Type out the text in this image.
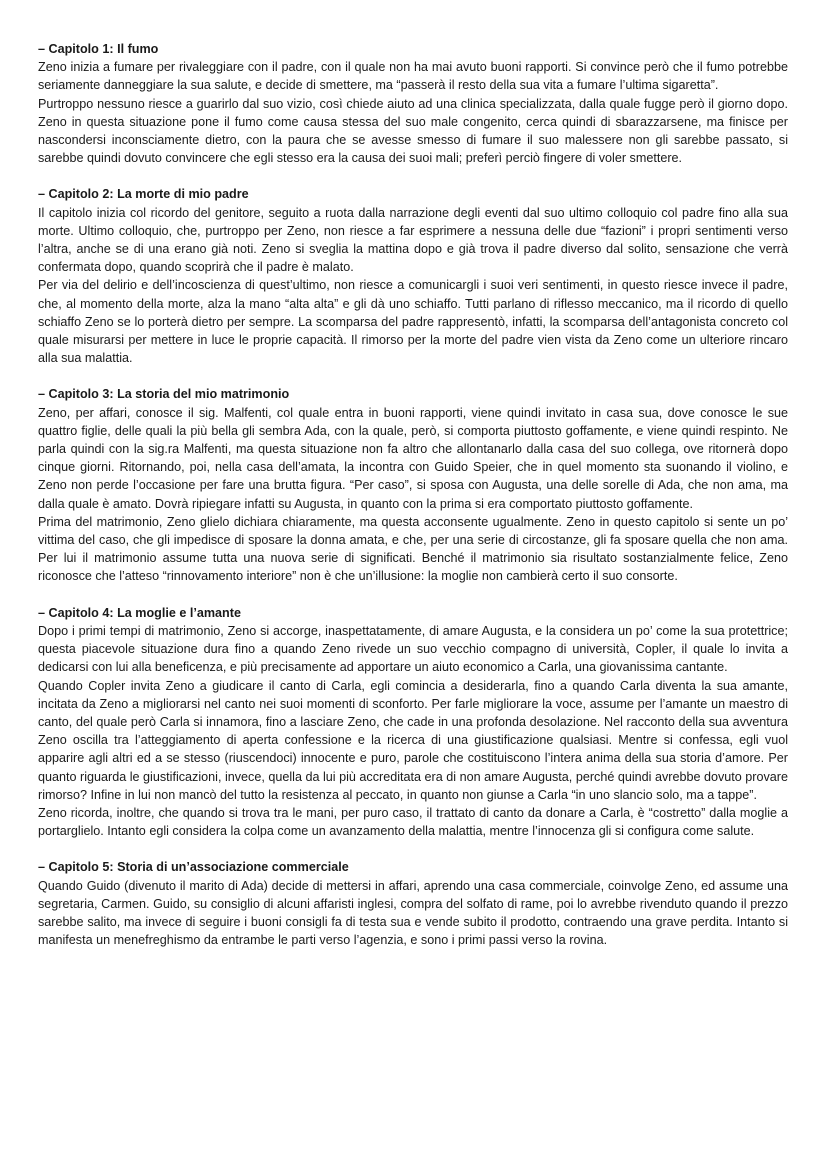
– Capitolo 1: Il fumo

Zeno inizia a fumare per rivaleggiare con il padre, con il quale non ha mai avuto buoni rapporti. Si convince però che il fumo potrebbe seriamente danneggiare la sua salute, e decide di smettere, ma “passerà il resto della sua vita a fumare l’ultima sigaretta”.

Purtroppo nessuno riesce a guarirlo dal suo vizio, così chiede aiuto ad una clinica specializzata, dalla quale fugge però il giorno dopo. Zeno in questa situazione pone il fumo come causa stessa del suo male congenito, cerca quindi di sbarazzarsene, ma finisce per nascondersi inconsciamente dietro, con la paura che se avesse smesso di fumare il suo malessere non gli sarebbe passato, si sarebbe quindi dovuto convincere che egli stesso era la causa dei suoi mali; preferì perciò fingere di voler smettere.

– Capitolo 2: La morte di mio padre

Il capitolo inizia col ricordo del genitore, seguito a ruota dalla narrazione degli eventi dal suo ultimo colloquio col padre fino alla sua morte. Ultimo colloquio, che, purtroppo per Zeno, non riesce a far esprimere a nessuna delle due “fazioni” i propri sentimenti verso l’altra, anche se di una erano già noti. Zeno si sveglia la mattina dopo e già trova il padre diverso dal solito, sensazione che verrà confermata dopo, quando scoprirà che il padre è malato.

Per via del delirio e dell’incoscienza di quest’ultimo, non riesce a comunicargli i suoi veri sentimenti, in questo riesce invece il padre, che, al momento della morte, alza la mano “alta alta” e gli dà uno schiaffo. Tutti parlano di riflesso meccanico, ma il ricordo di quello schiaffo Zeno se lo porterà dietro per sempre. La scomparsa del padre rappresentò, infatti, la scomparsa dell’antagonista concreto col quale misurarsi per mettere in luce le proprie capacità. Il rimorso per la morte del padre vien vista da Zeno come un ulteriore rincaro alla sua malattia.

– Capitolo 3: La storia del mio matrimonio

Zeno, per affari, conosce il sig. Malfenti, col quale entra in buoni rapporti, viene quindi invitato in casa sua, dove conosce le sue quattro figlie, delle quali la più bella gli sembra Ada, con la quale, però, si comporta piuttosto goffamente, e viene quindi respinto. Ne parla quindi con la sig.ra Malfenti, ma questa situazione non fa altro che allontanarlo dalla casa del suo collega, ove ritornerà dopo cinque giorni. Ritornando, poi, nella casa dell’amata, la incontra con Guido Speier, che in quel momento sta suonando il violino, e Zeno non perde l’occasione per fare una brutta figura. “Per caso”, si sposa con Augusta, una delle sorelle di Ada, che non ama, ma dalla quale è amato. Dovrà ripiegare infatti su Augusta, in quanto con la prima si era comportato piuttosto goffamente.

Prima del matrimonio, Zeno glielo dichiara chiaramente, ma questa acconsente ugualmente. Zeno in questo capitolo si sente un po’ vittima del caso, che gli impedisce di sposare la donna amata, e che, per una serie di circostanze, gli fa sposare quella che non ama. Per lui il matrimonio assume tutta una nuova serie di significati. Benché il matrimonio sia risultato sostanzialmente felice, Zeno riconosce che l’atteso “rinnovamento interiore” non è che un’illusione: la moglie non cambierà certo il suo consorte.

– Capitolo 4: La moglie e l’amante

Dopo i primi tempi di matrimonio, Zeno si accorge, inaspettatamente, di amare Augusta, e la considera un po’ come la sua protettrice; questa piacevole situazione dura fino a quando Zeno rivede un suo vecchio compagno di università, Copler, il quale lo invita a dedicarsi con lui alla beneficenza, e più precisamente ad apportare un aiuto economico a Carla, una giovanissima cantante.

Quando Copler invita Zeno a giudicare il canto di Carla, egli comincia a desiderarla, fino a quando Carla diventa la sua amante, incitata da Zeno a migliorarsi nel canto nei suoi momenti di sconforto. Per farle migliorare la voce, assume per l’amante un maestro di canto, del quale però Carla si innamora, fino a lasciare Zeno, che cade in una profonda desolazione. Nel racconto della sua avventura Zeno oscilla tra l’atteggiamento di aperta confessione e la ricerca di una giustificazione qualsiasi. Mentre si confessa, egli vuol apparire agli altri ed a se stesso (riuscendoci) innocente e puro, parole che costituiscono l’intera anima della sua storia d’amore. Per quanto riguarda le giustificazioni, invece, quella da lui più accreditata era di non amare Augusta, perché quindi avrebbe dovuto provare rimorso? Infine in lui non mancò del tutto la resistenza al peccato, in quanto non giunse a Carla “in uno slancio solo, ma a tappe”.

Zeno ricorda, inoltre, che quando si trova tra le mani, per puro caso, il trattato di canto da donare a Carla, è “costretto” dalla moglie a portarglielo. Intanto egli considera la colpa come un avanzamento della malattia, mentre l’innocenza gli si configura come salute.

– Capitolo 5: Storia di un’associazione commerciale

Quando Guido (divenuto il marito di Ada) decide di mettersi in affari, aprendo una casa commerciale, coinvolge Zeno, ed assume una segretaria, Carmen. Guido, su consiglio di alcuni affaristi inglesi, compra del solfato di rame, poi lo avrebbe rivenduto quando il prezzo sarebbe salito, ma invece di seguire i buoni consigli fa di testa sua e vende subito il prodotto, contraendo una grave perdita. Intanto si manifesta un menefreghismo da entrambe le parti verso l’agenzia, e sono i primi passi verso la rovina.
